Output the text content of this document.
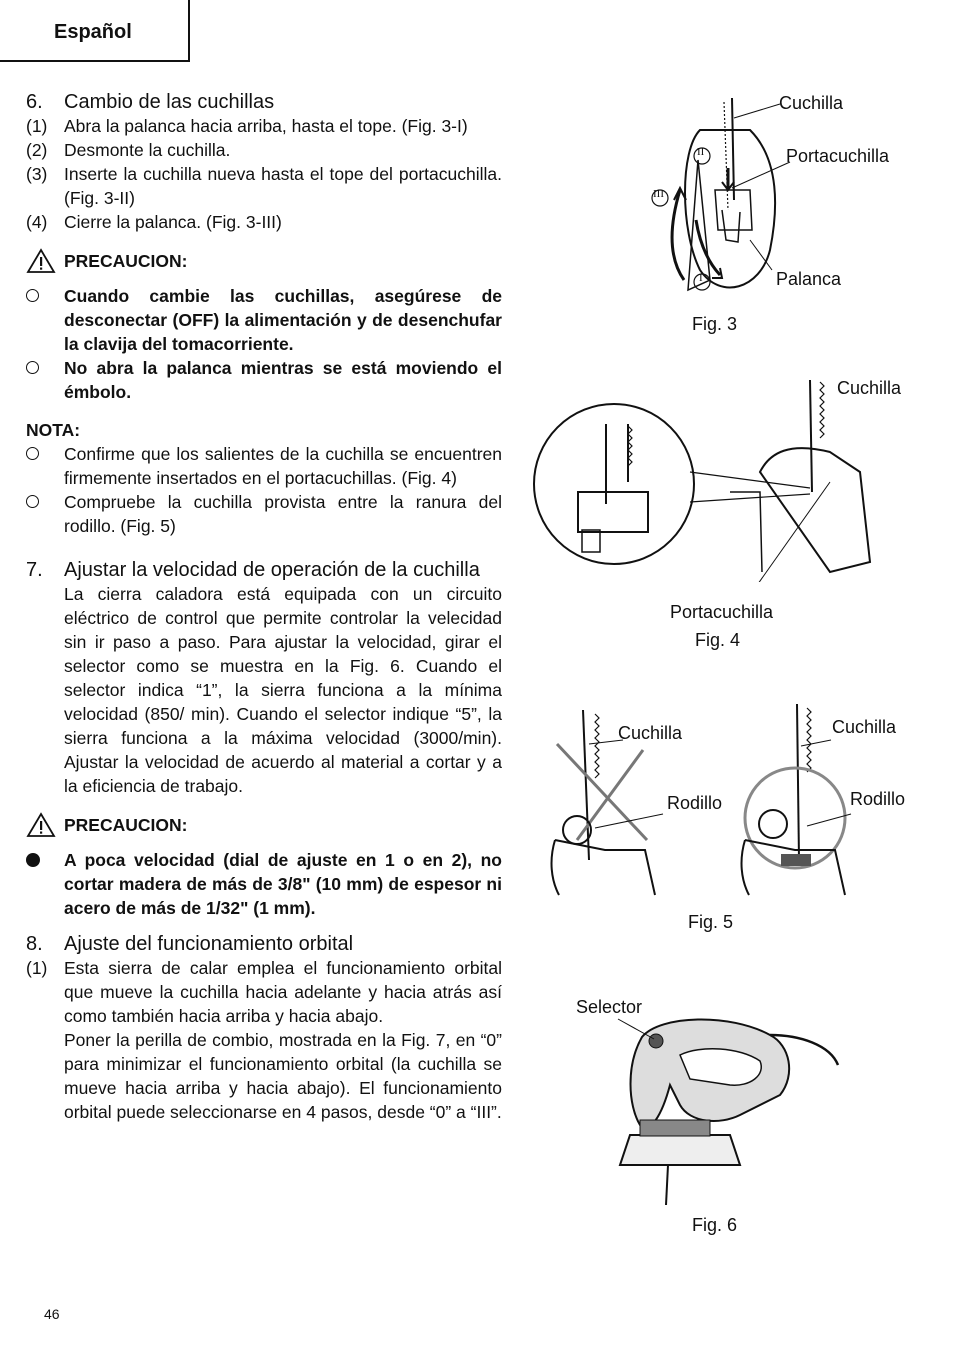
Español
6.	Cambio de las cuchillas
(1) Abra la palanca hacia arriba, hasta el tope. (Fig. 3-I)
(2) Desmonte la cuchilla.
(3) Inserte la cuchilla nueva hasta el tope del portacuchilla. (Fig. 3-II)
(4) Cierre la palanca. (Fig. 3-III)
PRECAUCION:
Cuando cambie las cuchillas, asegúrese de desconectar (OFF) la alimentación y de desenchufar la clavija del tomacorriente.
No abra la palanca mientras se está moviendo el émbolo.
NOTA:
Confirme que los salientes de la cuchilla se encuentren firmemente insertados en el portacuchillas. (Fig. 4)
Compruebe la cuchilla provista entre la ranura del rodillo. (Fig. 5)
7.	Ajustar la velocidad de operación de la cuchilla
La cierra caladora está equipada con un circuito eléctrico de control que permite controlar la velecidad sin ir paso a paso. Para ajustar la velocidad, girar el selector como se muestra en la Fig. 6. Cuando el selector indica “1”, la sierra funciona a la mínima velocidad (850/ min). Cuando el selector indique “5”, la sierra funciona a la máxima velocidad (3000/min). Ajustar la velocidad de acuerdo al material a cortar y a la eficiencia de trabajo.
PRECAUCION:
A poca velocidad (dial de ajuste en 1 o en 2), no cortar madera de más de 3/8" (10 mm) de espesor ni acero de más de 1/32" (1 mm).
8.	Ajuste del funcionamiento orbital
(1) Esta sierra de calar emplea el funcionamiento orbital que mueve la cuchilla hacia adelante y hacia atrás así como también hacia arriba y hacia abajo.
Poner la perilla de combio, mostrada en la Fig. 7, en “0” para minimizar el funcionamiento orbital (la cuchilla se mueve hacia arriba y hacia abajo). El funcionamiento orbital puede seleccionarse en 4 pasos, desde “0” a “III”.
II
III
I
Cuchilla
Portacuchilla
Palanca
Fig. 3
Cuchilla
Portacuchilla
Fig. 4
Cuchilla
Rodillo
Cuchilla
Rodillo
Fig. 5
Selector
Fig. 6
46
